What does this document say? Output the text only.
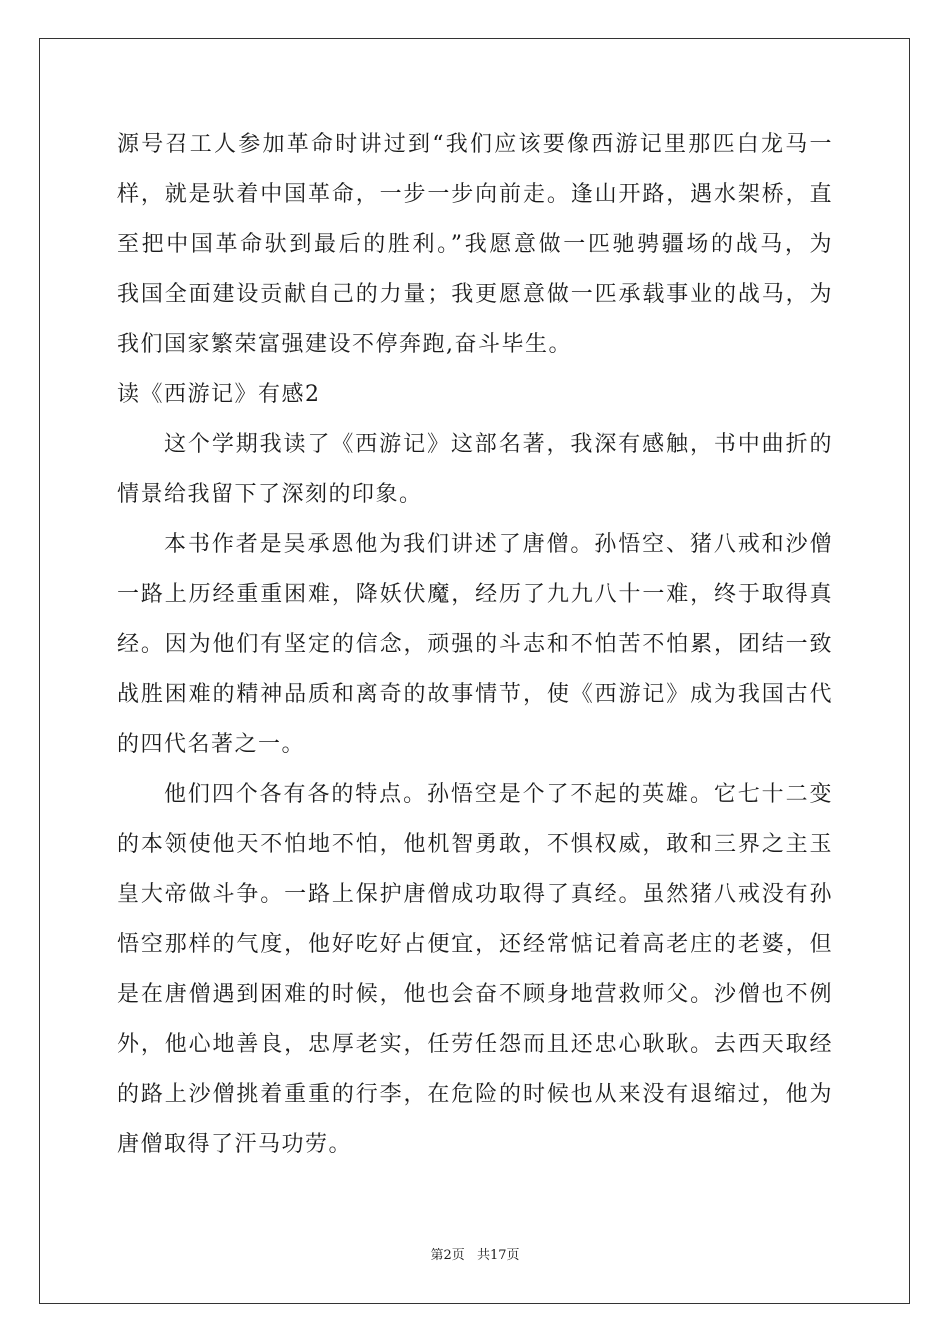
源号召工人参加革命时讲过到“我们应该要像西游记里那匹白龙马一
样，就是驮着中国革命，一步一步向前走。逢山开路，遇水架桥，直
至把中国革命驮到最后的胜利。”我愿意做一匹驰骋疆场的战马，为
我国全面建设贡献自己的力量；我更愿意做一匹承载事业的战马，为
我们国家繁荣富强建设不停奔跑,奋斗毕生。
读《西游记》有感2
这个学期我读了《西游记》这部名著，我深有感触，书中曲折的
情景给我留下了深刻的印象。
本书作者是吴承恩他为我们讲述了唐僧。孙悟空、猪八戒和沙僧
一路上历经重重困难，降妖伏魔，经历了九九八十一难，终于取得真
经。因为他们有坚定的信念，顽强的斗志和不怕苦不怕累，团结一致
战胜困难的精神品质和离奇的故事情节，使《西游记》成为我国古代
的四代名著之一。
他们四个各有各的特点。孙悟空是个了不起的英雄。它七十二变
的本领使他天不怕地不怕，他机智勇敢，不惧权威，敢和三界之主玉
皇大帝做斗争。一路上保护唐僧成功取得了真经。虽然猪八戒没有孙
悟空那样的气度，他好吃好占便宜，还经常惦记着高老庄的老婆，但
是在唐僧遇到困难的时候，他也会奋不顾身地营救师父。沙僧也不例
外，他心地善良，忠厚老实，任劳任怨而且还忠心耿耿。去西天取经
的路上沙僧挑着重重的行李，在危险的时候也从来没有退缩过，他为
唐僧取得了汗马功劳。
第2页 共17页
